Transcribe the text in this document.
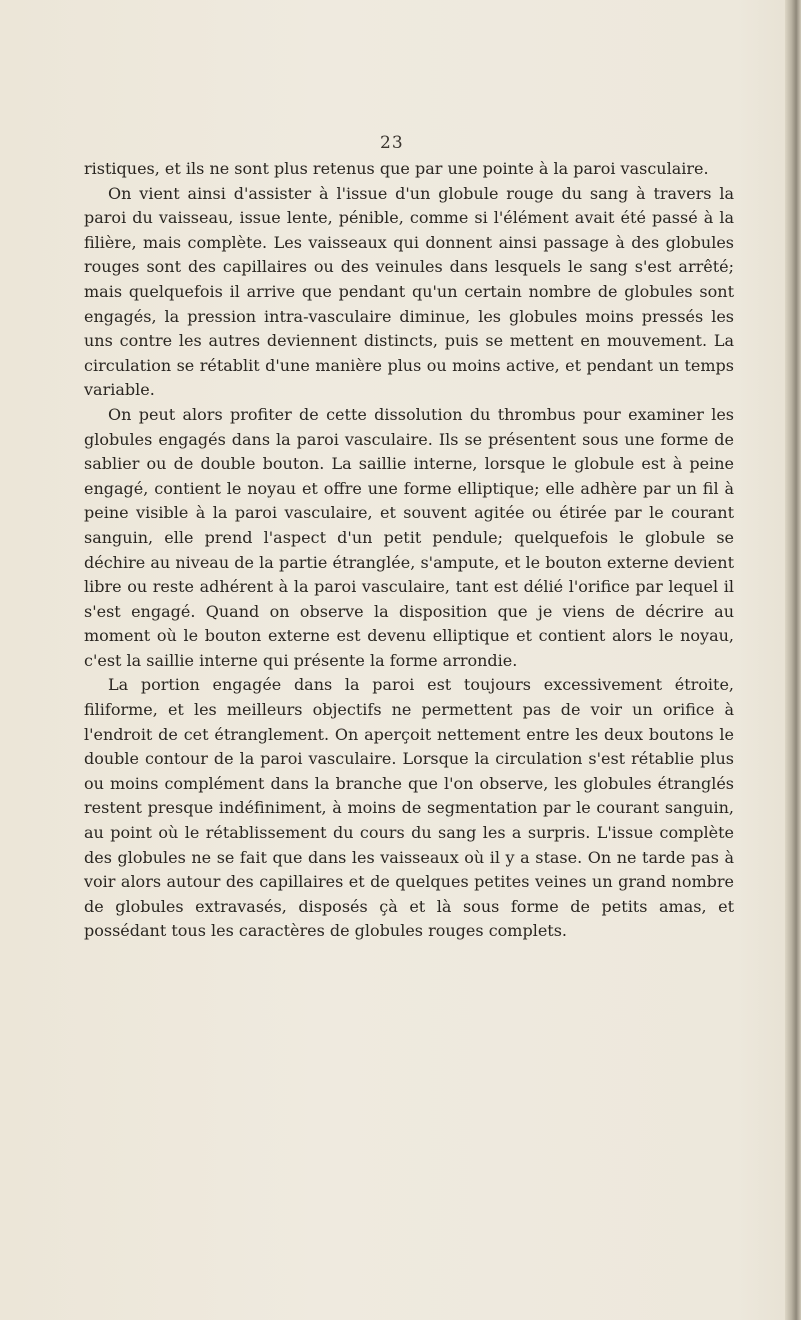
23

ristiques, et ils ne sont plus retenus que par une pointe à la paroi vasculaire.

On vient ainsi d'assister à l'issue d'un globule rouge du sang à travers la paroi du vaisseau, issue lente, pénible, comme si l'élément avait été passé à la filière, mais complète. Les vaisseaux qui donnent ainsi passage à des globules rouges sont des capillaires ou des veinules dans lesquels le sang s'est arrêté; mais quelquefois il arrive que pendant qu'un certain nombre de globules sont engagés, la pression intra-vasculaire diminue, les globules moins pressés les uns contre les autres deviennent distincts, puis se mettent en mouvement. La circulation se rétablit d'une manière plus ou moins active, et pendant un temps variable.

On peut alors profiter de cette dissolution du thrombus pour examiner les globules engagés dans la paroi vasculaire. Ils se présentent sous une forme de sablier ou de double bouton. La saillie interne, lorsque le globule est à peine engagé, contient le noyau et offre une forme elliptique; elle adhère par un fil à peine visible à la paroi vasculaire, et souvent agitée ou étirée par le courant sanguin, elle prend l'aspect d'un petit pendule; quelquefois le globule se déchire au niveau de la partie étranglée, s'ampute, et le bouton externe devient libre ou reste adhérent à la paroi vasculaire, tant est délié l'orifice par lequel il s'est engagé. Quand on observe la disposition que je viens de décrire au moment où le bouton externe est devenu elliptique et contient alors le noyau, c'est la saillie interne qui présente la forme arrondie.

La portion engagée dans la paroi est toujours excessivement étroite, filiforme, et les meilleurs objectifs ne permettent pas de voir un orifice à l'endroit de cet étranglement. On aperçoit nettement entre les deux boutons le double contour de la paroi vasculaire. Lorsque la circulation s'est rétablie plus ou moins complément dans la branche que l'on observe, les globules étranglés restent presque indéfiniment, à moins de segmentation par le courant sanguin, au point où le rétablissement du cours du sang les a surpris. L'issue complète des globules ne se fait que dans les vaisseaux où il y a stase. On ne tarde pas à voir alors autour des capillaires et de quelques petites veines un grand nombre de globules extravasés, disposés çà et là sous forme de petits amas, et possédant tous les caractères de globules rouges complets.
